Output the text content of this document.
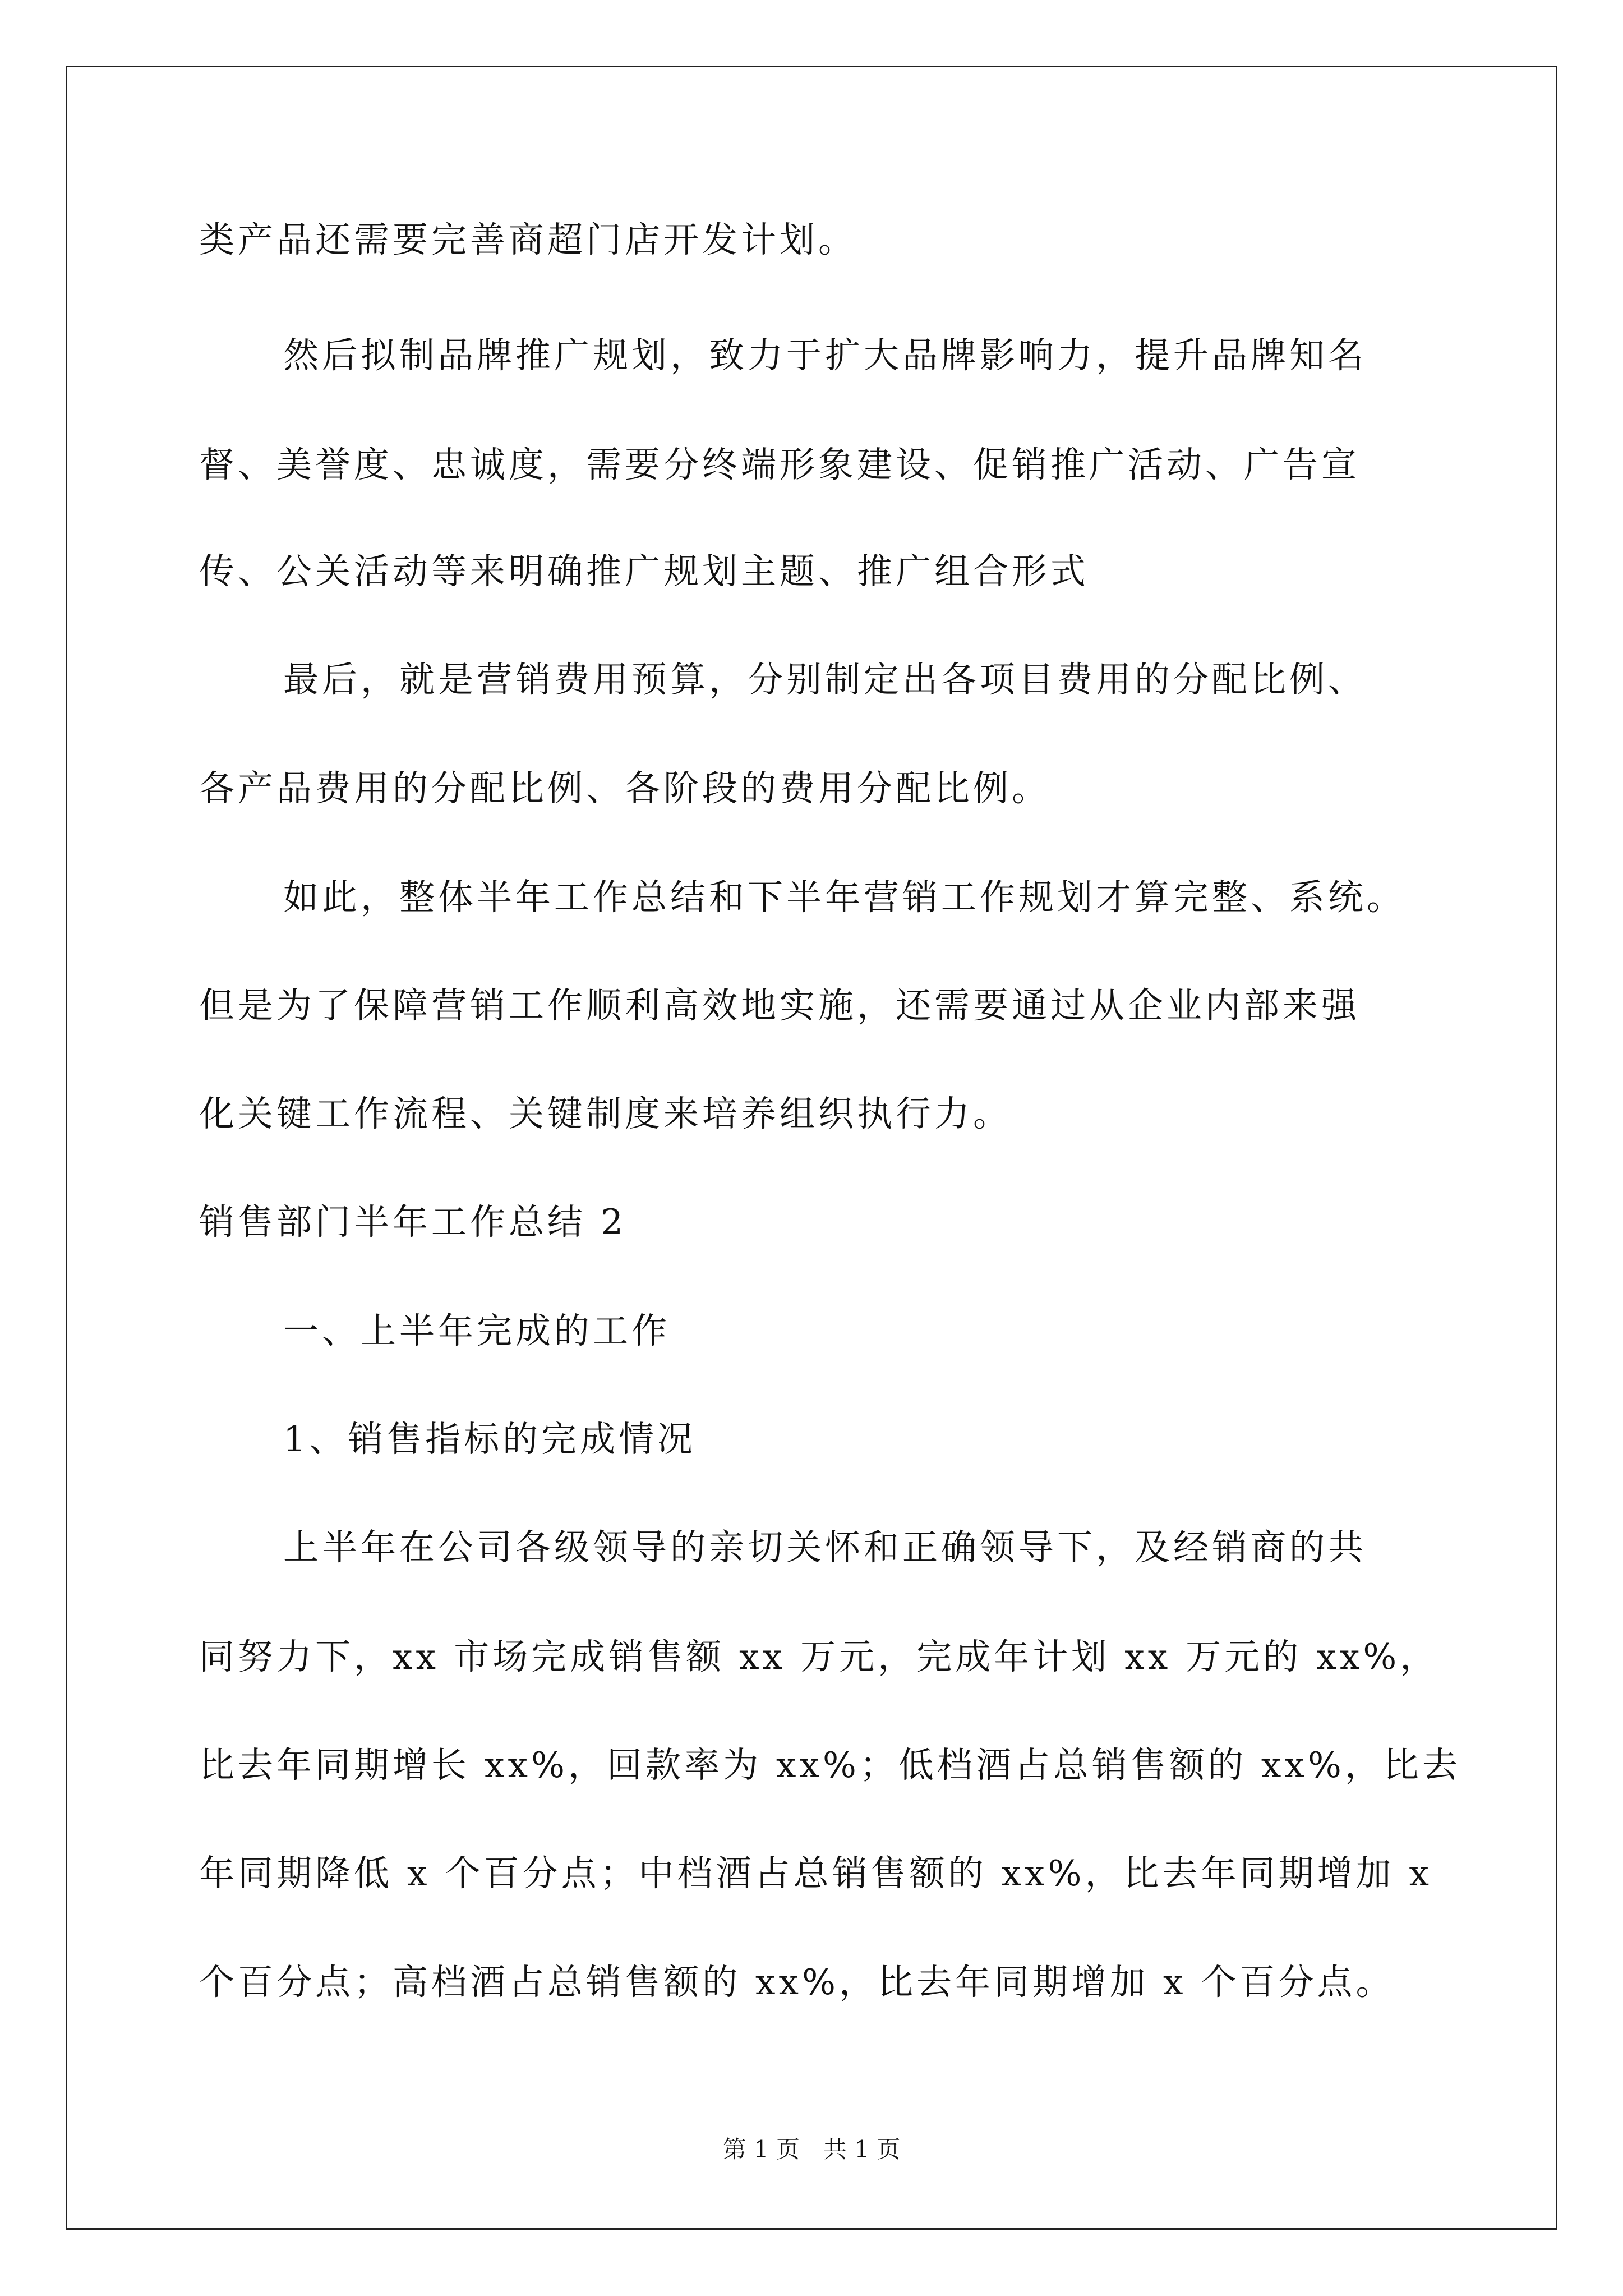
类产品还需要完善商超门店开发计划。
然后拟制品牌推广规划，致力于扩大品牌影响力，提升品牌知名
督、美誉度、忠诚度，需要分终端形象建设、促销推广活动、广告宣
传、公关活动等来明确推广规划主题、推广组合形式
最后，就是营销费用预算，分别制定出各项目费用的分配比例、
各产品费用的分配比例、各阶段的费用分配比例。
如此，整体半年工作总结和下半年营销工作规划才算完整、系统。
但是为了保障营销工作顺利高效地实施，还需要通过从企业内部来强
化关键工作流程、关键制度来培养组织执行力。
销售部门半年工作总结 2
一、上半年完成的工作
1、销售指标的完成情况
上半年在公司各级领导的亲切关怀和正确领导下，及经销商的共
同努力下，xx 市场完成销售额 xx 万元，完成年计划 xx 万元的 xx%，
比去年同期增长 xx%，回款率为 xx%；低档酒占总销售额的 xx%，比去
年同期降低 x 个百分点；中档酒占总销售额的 xx%，比去年同期增加 x
个百分点；高档酒占总销售额的 xx%，比去年同期增加 x 个百分点。
第 1 页　共 1 页
